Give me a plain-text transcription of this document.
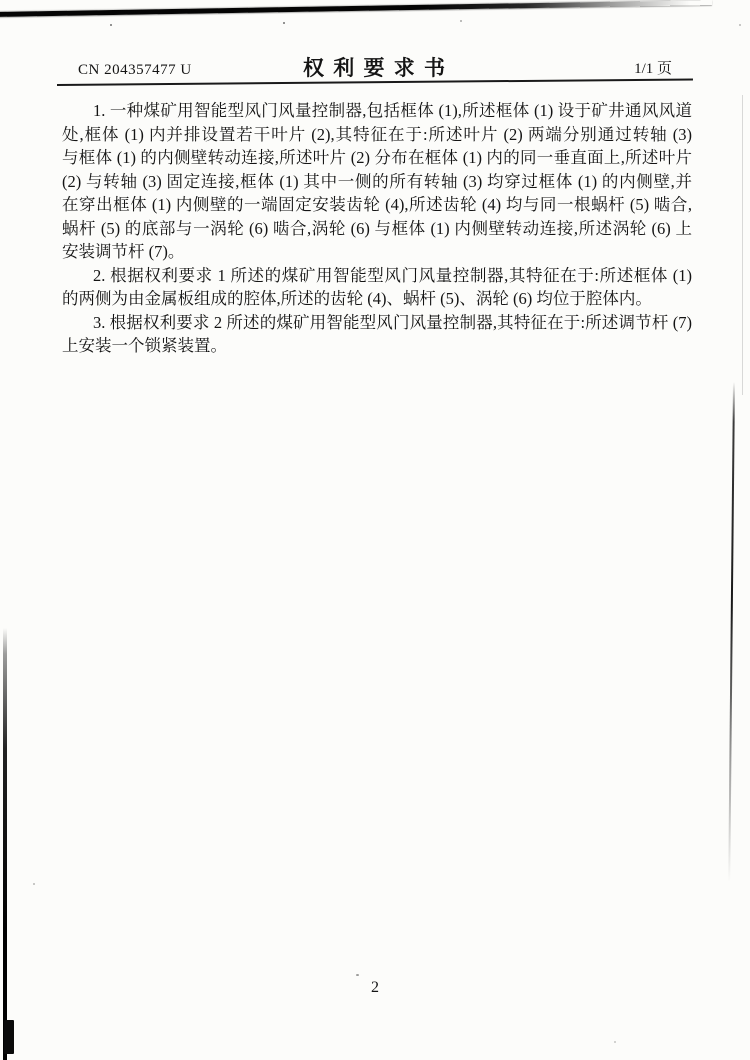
CN 204357477 U	权 利 要 求 书	1/1 页
1. 一种煤矿用智能型风门风量控制器,包括框体 (1),所述框体 (1) 设于矿井通风风道
处,框体 (1) 内并排设置若干叶片 (2),其特征在于:所述叶片 (2) 两端分别通过转轴 (3)
与框体 (1) 的内侧壁转动连接,所述叶片 (2) 分布在框体 (1) 内的同一垂直面上,所述叶片
(2) 与转轴 (3) 固定连接,框体 (1) 其中一侧的所有转轴 (3) 均穿过框体 (1) 的内侧壁,并
在穿出框体 (1) 内侧壁的一端固定安装齿轮 (4),所述齿轮 (4) 均与同一根蜗杆 (5) 啮合,
蜗杆 (5) 的底部与一涡轮 (6) 啮合,涡轮 (6) 与框体 (1) 内侧壁转动连接,所述涡轮 (6) 上
安装调节杆 (7)。
2. 根据权利要求 1 所述的煤矿用智能型风门风量控制器,其特征在于:所述框体 (1)
的两侧为由金属板组成的腔体,所述的齿轮 (4)、蜗杆 (5)、涡轮 (6) 均位于腔体内。
3. 根据权利要求 2 所述的煤矿用智能型风门风量控制器,其特征在于:所述调节杆 (7)
上安装一个锁紧装置。
2
